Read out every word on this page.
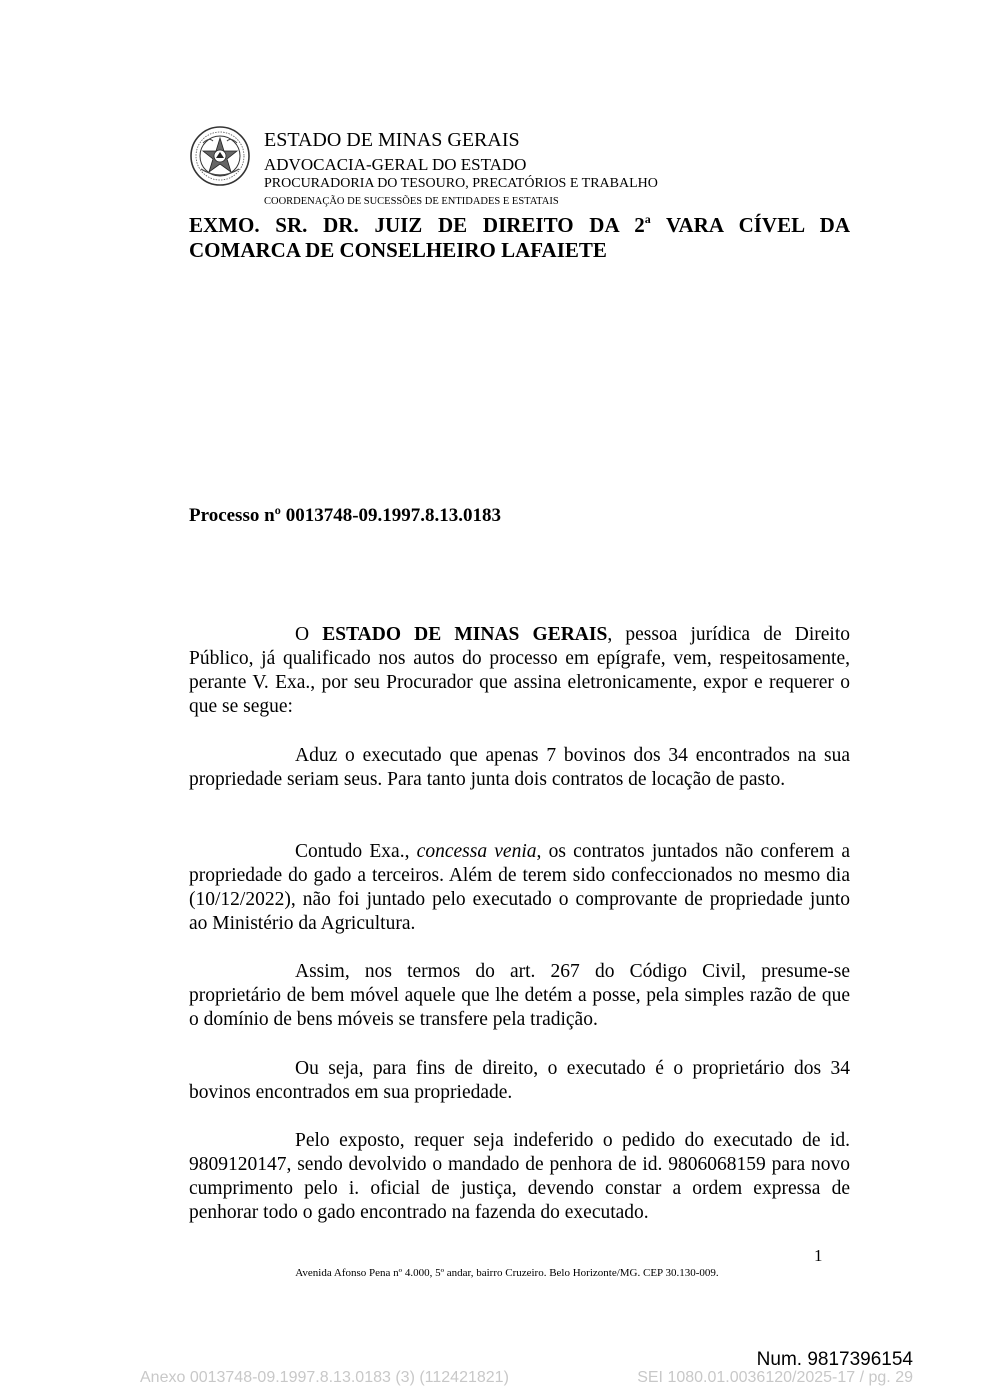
ESTADO DE MINAS GERAIS
ADVOCACIA-GERAL DO ESTADO
PROCURADORIA DO TESOURO, PRECATÓRIOS E TRABALHO
COORDENAÇÃO DE SUCESSÕES DE ENTIDADES E ESTATAIS
EXMO. SR. DR. JUIZ DE DIREITO DA 2$^a$ VARA CÍVEL DA
COMARCA DE CONSELHEIRO LAFAIETE
Processo nº 0013748-09.1997.8.13.0183
O ESTADO DE MINAS GERAIS, pessoa jurídica de Direito Público, já qualificado nos autos do processo em epígrafe, vem, respeitosamente, perante V. Exa., por seu Procurador que assina eletronicamente, expor e requerer o que se segue:
Aduz o executado que apenas 7 bovinos dos 34 encontrados na sua propriedade seriam seus. Para tanto junta dois contratos de locação de pasto.
Contudo Exa., concessa venia, os contratos juntados não conferem a propriedade do gado a terceiros. Além de terem sido confeccionados no mesmo dia (10/12/2022), não foi juntado pelo executado o comprovante de propriedade junto ao Ministério da Agricultura.
Assim, nos termos do art. 267 do Código Civil, presume-se proprietário de bem móvel aquele que lhe detém a posse, pela simples razão de que o domínio de bens móveis se transfere pela tradição.
Ou seja, para fins de direito, o executado é o proprietário dos 34 bovinos encontrados em sua propriedade.
Pelo exposto, requer seja indeferido o pedido do executado de id. 9809120147, sendo devolvido o mandado de penhora de id. 9806068159 para novo cumprimento pelo i. oficial de justiça, devendo constar a ordem expressa de penhorar todo o gado encontrado na fazenda do executado.
1
Avenida Afonso Pena nº 4.000, 5º andar, bairro Cruzeiro. Belo Horizonte/MG. CEP 30.130-009.
Num. 9817396154
Anexo 0013748-09.1997.8.13.0183 (3) (112421821)	SEI 1080.01.0036120/2025-17 / pg. 29
